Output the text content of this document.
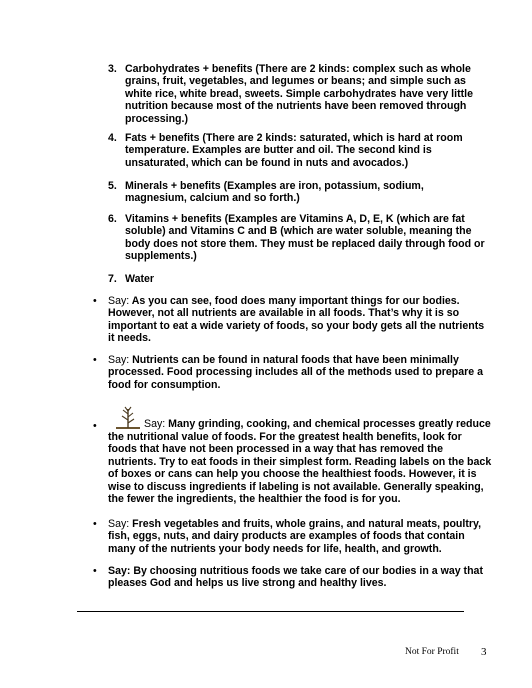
3. Carbohydrates + benefits (There are 2 kinds: complex such as whole grains, fruit, vegetables, and legumes or beans; and simple such as white rice, white bread, sweets. Simple carbohydrates have very little nutrition because most of the nutrients have been removed through processing.)
4. Fats + benefits (There are 2 kinds: saturated, which is hard at room temperature. Examples are butter and oil. The second kind is unsaturated, which can be found in nuts and avocados.)
5. Minerals + benefits (Examples are iron, potassium, sodium, magnesium, calcium and so forth.)
6. Vitamins + benefits (Examples are Vitamins A, D, E, K (which are fat soluble) and Vitamins C and B (which are water soluble, meaning the body does not store them. They must be replaced daily through food or supplements.)
7. Water
•	Say: As you can see, food does many important things for our bodies. However, not all nutrients are available in all foods. That’s why it is so important to eat a wide variety of foods, so your body gets all the nutrients it needs.
•	Say: Nutrients can be found in natural foods that have been minimally processed. Food processing includes all of the methods used to prepare a food for consumption.
•	Say: Many grinding, cooking, and chemical processes greatly reduce the nutritional value of foods. For the greatest health benefits, look for foods that have not been processed in a way that has removed the nutrients. Try to eat foods in their simplest form. Reading labels on the back of boxes or cans can help you choose the healthiest foods. However, it is wise to discuss ingredients if labeling is not available. Generally speaking, the fewer the ingredients, the healthier the food is for you.
•	Say: Fresh vegetables and fruits, whole grains, and natural meats, poultry, fish, eggs, nuts, and dairy products are examples of foods that contain many of the nutrients your body needs for life, health, and growth.
•	Say: By choosing nutritious foods we take care of our bodies in a way that pleases God and helps us live strong and healthy lives.
Not For Profit 3
